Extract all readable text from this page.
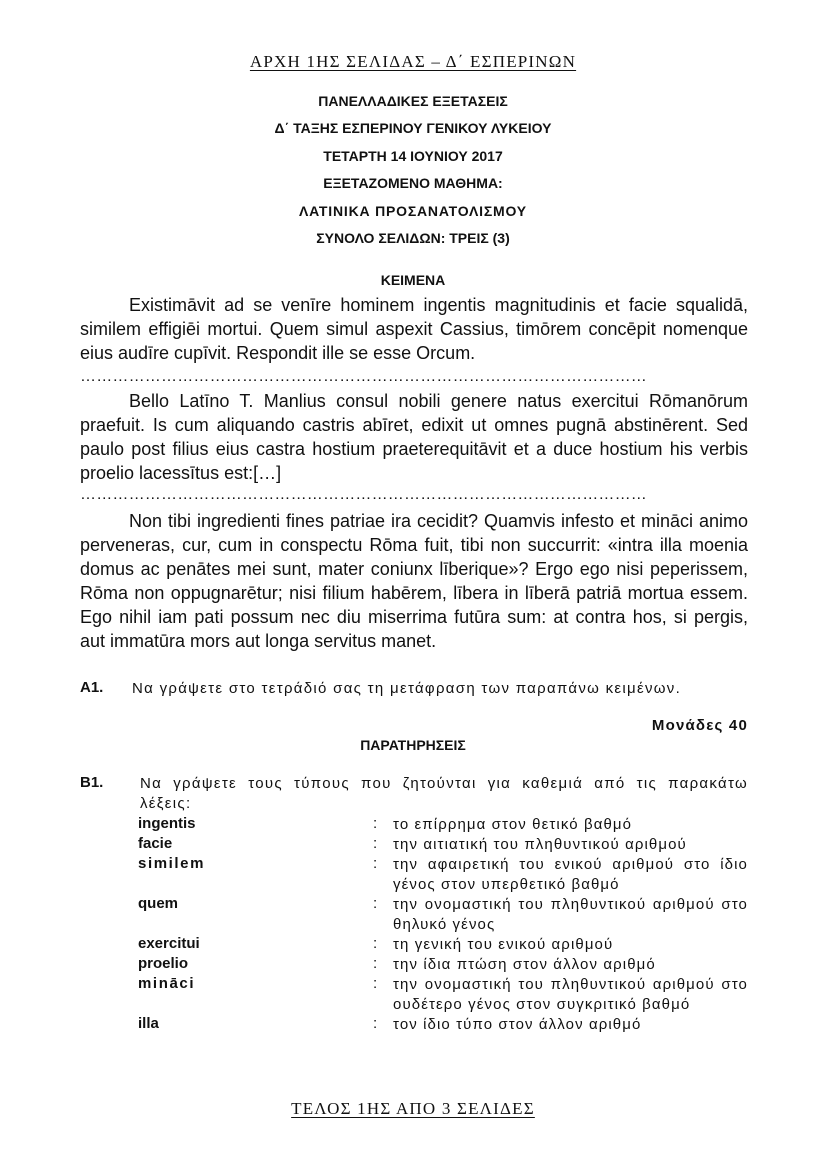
ΑΡΧΗ 1ΗΣ ΣΕΛΙΔΑΣ – Δ΄ ΕΣΠΕΡΙΝΩΝ
ΠΑΝΕΛΛΑΔΙΚΕΣ ΕΞΕΤΑΣΕΙΣ
Δ΄ ΤΑΞΗΣ ΕΣΠΕΡΙΝΟΥ ΓΕΝΙΚΟΥ ΛΥΚΕΙΟΥ
ΤΕΤΑΡΤΗ 14 ΙΟΥΝΙΟΥ 2017
ΕΞΕΤΑΖΟΜΕΝΟ ΜΑΘΗΜΑ:
ΛΑΤΙΝΙΚΑ ΠΡΟΣΑΝΑΤΟΛΙΣΜΟΥ
ΣΥΝΟΛΟ ΣΕΛΙΔΩΝ: ΤΡΕΙΣ (3)
ΚΕΙΜΕΝΑ

Existimāvit ad se venīre hominem ingentis magnitudinis et facie squalidā, similem effigiēi mortui. Quem simul aspexit Cassius, timōrem concēpit nomenque eius audīre cupīvit. Respondit ille se esse Orcum.

……………………………………………………………………………………………

Bello Latīno T. Manlius consul nobili genere natus exercitui Rōmanōrum praefuit. Is cum aliquando castris abīret, edixit ut omnes pugnā abstinērent. Sed paulo post filius eius castra hostium praeterequitāvit et a duce hostium his verbis proelio lacessītus est:[…]

……………………………………………………………………………………………

Non tibi ingredienti fines patriae ira cecidit? Quamvis infesto et mināci animo perveneras, cur, cum in conspectu Rōma fuit, tibi non succurrit: «intra illa moenia domus ac penātes mei sunt, mater coniunx līberique»? Ergo ego nisi peperissem, Rōma non oppugnarētur; nisi filium habērem, lībera in līberā patriā mortua essem. Ego nihil iam pati possum nec diu miserrima futūra sum: at contra hos, si pergis, aut immatūra mors aut longa servitus manet.

Α1. Να γράψετε στο τετράδιό σας τη μετάφραση των παραπάνω κειμένων.
Μονάδες 40
ΠΑΡΑΤΗΡΗΣΕΙΣ
Β1. Να γράψετε τους τύπους που ζητούνται για καθεμιά από τις παρακάτω λέξεις:
ingentis	: το επίρρημα στον θετικό βαθμό
facie	: την αιτιατική του πληθυντικού αριθμού
similem	: την αφαιρετική του ενικού αριθμού στο ίδιο γένος στον υπερθετικό βαθμό
quem	: την ονομαστική του πληθυντικού αριθμού στο θηλυκό γένος
exercitui	: τη γενική του ενικού αριθμού
proelio	: την ίδια πτώση στον άλλον αριθμό
mināci	: την ονομαστική του πληθυντικού αριθμού στο ουδέτερο γένος στον συγκριτικό βαθμό
illa	: τον ίδιο τύπο στον άλλον αριθμό
ΤΕΛΟΣ 1ΗΣ ΑΠΟ 3 ΣΕΛΙΔΕΣ
